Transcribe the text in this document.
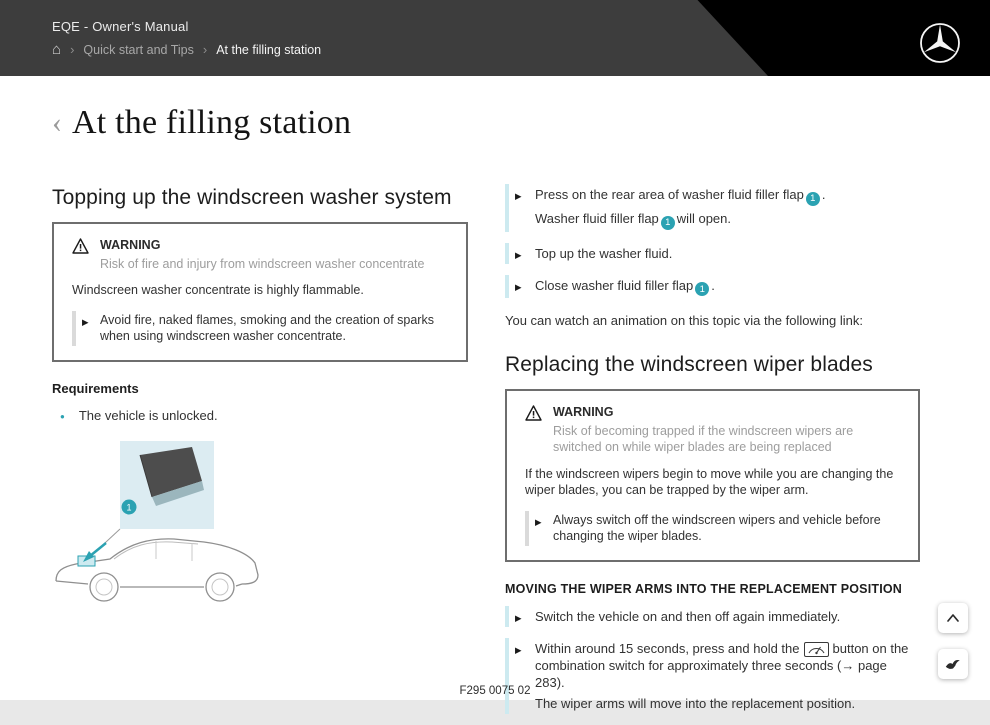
EQE - Owner's Manual
⌂ › Quick start and Tips › At the filling station
‹ At the filling station
Topping up the windscreen washer system
WARNING
Risk of fire and injury from windscreen washer concentrate
Windscreen washer concentrate is highly flammable.
▶ Avoid fire, naked flames, smoking and the creation of sparks when using windscreen washer concentrate.
Requirements
● The vehicle is unlocked.
1
▶ Press on the rear area of washer fluid filler flap 1 .
Washer fluid filler flap 1 will open.
▶ Top up the washer fluid.
▶ Close washer fluid filler flap 1 .

You can watch an animation on this topic via the following link:

Replacing the windscreen wiper blades
WARNING
Risk of becoming trapped if the windscreen wipers are switched on while wiper blades are being replaced
If the windscreen wipers begin to move while you are changing the wiper blades, you can be trapped by the wiper arm.
▶ Always switch off the windscreen wipers and vehicle before changing the wiper blades.
MOVING THE WIPER ARMS INTO THE REPLACEMENT POSITION
▶ Switch the vehicle on and then off again immediately.
▶ Within around 15 seconds, press and hold the	button on the combination switch for approximately three seconds (→ page 283).
The wiper arms will move into the replacement position.
F295 0075 02
